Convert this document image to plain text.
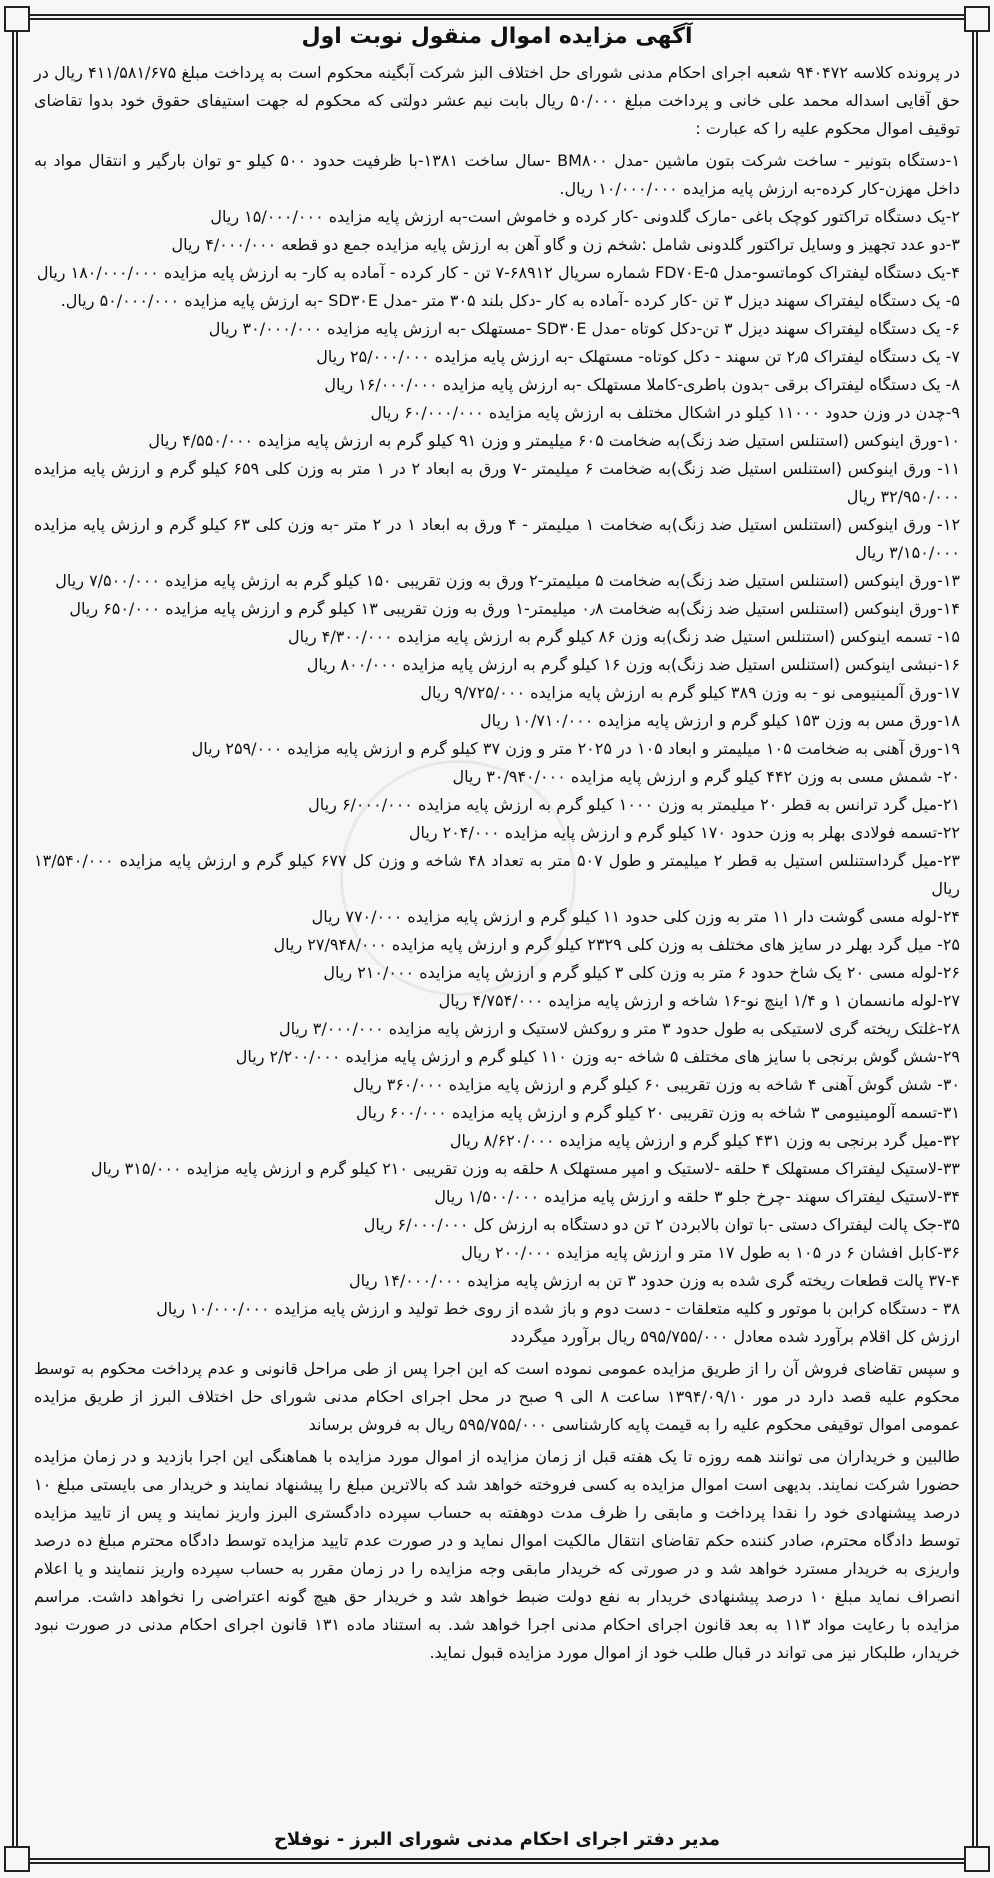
آگهی مزایده اموال منقول نوبت اول

در پرونده کلاسه ۹۴۰۴۷۲ شعبه اجرای احکام مدنی شورای حل اختلاف البز شرکت آبگینه محکوم است به پرداخت مبلغ ۴۱۱/۵۸۱/۶۷۵ ریال در حق آقایی اسداله محمد علی خانی و پرداخت مبلغ ۵۰/۰۰۰ ریال بابت نیم عشر دولتی که محکوم له جهت استیفای حقوق خود بدوا تقاضای توقیف اموال محکوم علیه را که عبارت :

۱-دستگاه بتونیر - ساخت شرکت بتون ماشین -مدل BM۸۰۰ -سال ساخت ۱۳۸۱-با ظرفیت حدود ۵۰۰ کیلو -و توان بارگیر و انتقال مواد به داخل مهزن-کار کرده-به ارزش پایه مزایده ۱۰/۰۰۰/۰۰۰ ریال.
۲-یک دستگاه تراکتور کوچک باغی -مارک گلدونی -کار کرده و خاموش است-به ارزش پایه مزایده ۱۵/۰۰۰/۰۰۰ ریال
۳-دو عدد تجهیز و وسایل تراکتور گلدونی شامل :شخم زن و گاو آهن به ارزش پایه مزایده جمع دو قطعه ۴/۰۰۰/۰۰۰ ریال
۴-یک دستگاه لیفتراک کوماتسو-مدل FD۷۰E-۵ شماره سریال ۶۸۹۱۲-۷ تن - کار کرده - آماده به کار- به ارزش پایه مزایده ۱۸۰/۰۰۰/۰۰۰ ریال
۵- یک دستگاه لیفتراک سهند دیزل ۳ تن -کار کرده -آماده به کار -دکل بلند ۳۰۵ متر -مدل SD۳۰E -به ارزش پایه مزایده ۵۰/۰۰۰/۰۰۰ ریال.
۶- یک دستگاه لیفتراک سهند دیزل ۳ تن-دکل کوتاه -مدل SD۳۰E -مستهلک -به ارزش پایه مزایده ۳۰/۰۰۰/۰۰۰ ریال
۷- یک دستگاه لیفتراک ۲٫۵ تن سهند - دکل کوتاه- مستهلک -به ارزش پایه مزایده ۲۵/۰۰۰/۰۰۰ ریال
۸- یک دستگاه لیفتراک برقی -بدون باطری-کاملا مستهلک -به ارزش پایه مزایده ۱۶/۰۰۰/۰۰۰ ریال
۹-چدن در وزن حدود ۱۱۰۰۰ کیلو در اشکال مختلف به ارزش پایه مزایده ۶۰/۰۰۰/۰۰۰ ریال
۱۰-ورق اینوکس (استنلس استیل ضد زنگ)به ضخامت ۶۰۵ میلیمتر و وزن ۹۱ کیلو گرم به ارزش پایه مزایده ۴/۵۵۰/۰۰۰ ریال
۱۱- ورق اینوکس (استنلس استیل ضد زنگ)به ضخامت ۶ میلیمتر -۷ ورق به ابعاد ۲ در ۱ متر به وزن کلی ۶۵۹ کیلو گرم و ارزش پایه مزایده ۳۲/۹۵۰/۰۰۰ ریال
۱۲- ورق اینوکس (استنلس استیل ضد زنگ)به ضخامت ۱ میلیمتر - ۴ ورق به ابعاد ۱ در ۲ متر -به وزن کلی ۶۳ کیلو گرم و ارزش پایه مزایده ۳/۱۵۰/۰۰۰ ریال
۱۳-ورق اینوکس (استنلس استیل ضد زنگ)به ضخامت ۵ میلیمتر-۲ ورق به وزن تقریبی ۱۵۰ کیلو گرم به ارزش پایه مزایده ۷/۵۰۰/۰۰۰ ریال
۱۴-ورق اینوکس (استنلس استیل ضد زنگ)به ضخامت ۰٫۸ میلیمتر-۱ ورق به وزن تقریبی ۱۳ کیلو گرم و ارزش پایه مزایده ۶۵۰/۰۰۰ ریال
۱۵- تسمه اینوکس (استنلس استیل ضد زنگ)به وزن ۸۶ کیلو گرم به ارزش پایه مزایده ۴/۳۰۰/۰۰۰ ریال
۱۶-نبشی اینوکس (استنلس استیل ضد زنگ)به وزن ۱۶ کیلو گرم به ارزش پایه مزایده ۸۰۰/۰۰۰ ریال
۱۷-ورق آلمینیومی نو - به وزن ۳۸۹ کیلو گرم به ارزش پایه مزایده ۹/۷۲۵/۰۰۰ ریال
۱۸-ورق مس به وزن ۱۵۳ کیلو گرم و ارزش پایه مزایده ۱۰/۷۱۰/۰۰۰ ریال
۱۹-ورق آهنی به ضخامت ۱۰۵ میلیمتر و ابعاد ۱۰۵ در ۲۰۲۵ متر و وزن ۳۷ کیلو گرم و ارزش پایه مزایده ۲۵۹/۰۰۰ ریال
۲۰- شمش مسی به وزن ۴۴۲ کیلو گرم و ارزش پایه مزایده ۳۰/۹۴۰/۰۰۰ ریال
۲۱-میل گرد ترانس به قطر ۲۰ میلیمتر به وزن ۱۰۰۰ کیلو گرم به ارزش پایه مزایده ۶/۰۰۰/۰۰۰ ریال
۲۲-تسمه فولادی بهلر به وزن حدود ۱۷۰ کیلو گرم و ارزش پایه مزایده ۲۰۴/۰۰۰ ریال
۲۳-میل گرداستنلس استیل به قطر ۲ میلیمتر و طول ۵۰۷ متر به تعداد ۴۸ شاخه و وزن کل ۶۷۷ کیلو گرم و ارزش پایه مزایده ۱۳/۵۴۰/۰۰۰ ریال
۲۴-لوله مسی گوشت دار ۱۱ متر به وزن کلی حدود ۱۱ کیلو گرم و ارزش پایه مزایده ۷۷۰/۰۰۰ ریال
۲۵- میل گرد بهلر در سایز های مختلف به وزن کلی ۲۳۲۹ کیلو گرم و ارزش پایه مزایده ۲۷/۹۴۸/۰۰۰ ریال
۲۶-لوله مسی ۲۰ یک شاخ حدود ۶ متر به وزن کلی ۳ کیلو گرم و ارزش پایه مزایده ۲۱۰/۰۰۰ ریال
۲۷-لوله مانسمان ۱ و ۱/۴ اینچ نو-۱۶ شاخه و ارزش پایه مزایده ۴/۷۵۴/۰۰۰ ریال
۲۸-غلتک ریخته گری لاستیکی به طول حدود ۳ متر و روکش لاستیک و ارزش پایه مزایده ۳/۰۰۰/۰۰۰ ریال
۲۹-شش گوش برنجی با سایز های مختلف ۵ شاخه -به وزن ۱۱۰ کیلو گرم و ارزش پایه مزایده ۲/۲۰۰/۰۰۰ ریال
۳۰- شش گوش آهنی ۴ شاخه به وزن تقریبی ۶۰ کیلو گرم و ارزش پایه مزایده ۳۶۰/۰۰۰ ریال
۳۱-تسمه آلومینیومی ۳ شاخه به وزن تقریبی ۲۰ کیلو گرم و ارزش پایه مزایده ۶۰۰/۰۰۰ ریال
۳۲-میل گرد برنجی به وزن ۴۳۱ کیلو گرم و ارزش پایه مزایده ۸/۶۲۰/۰۰۰ ریال
۳۳-لاستیک لیفتراک مستهلک ۴ حلقه -لاستیک و امپر مستهلک ۸ حلقه به وزن تقریبی ۲۱۰ کیلو گرم و ارزش پایه مزایده ۳۱۵/۰۰۰ ریال
۳۴-لاستیک لیفتراک سهند -چرخ جلو ۳ حلقه و ارزش پایه مزایده ۱/۵۰۰/۰۰۰ ریال
۳۵-جک پالت لیفتراک دستی -با توان بالابردن ۲ تن دو دستگاه به ارزش کل ۶/۰۰۰/۰۰۰ ریال
۳۶-کابل افشان ۶ در ۱۰۵ به طول ۱۷ متر و ارزش پایه مزایده ۲۰۰/۰۰۰ ریال
۳۷-۴ پالت قطعات ریخته گری شده به وزن حدود ۳ تن به ارزش پایه مزایده ۱۴/۰۰۰/۰۰۰ ریال
۳۸ - دستگاه کرابن با موتور و کلیه متعلقات - دست دوم و باز شده از روی خط تولید و ارزش پایه مزایده ۱۰/۰۰۰/۰۰۰ ریال

ارزش کل اقلام برآورد شده معادل ۵۹۵/۷۵۵/۰۰۰ ریال برآورد میگردد

و سپس تقاضای فروش آن را از طریق مزایده عمومی نموده است که این اجرا پس از طی مراحل قانونی و عدم پرداخت محکوم به توسط محکوم علیه قصد دارد در مور ۱۳۹۴/۰۹/۱۰ ساعت ۸ الی ۹ صبح در محل اجرای احکام مدنی شورای حل اختلاف البرز از طریق مزایده عمومی اموال توقیفی محکوم علیه را به قیمت پایه کارشناسی ۵۹۵/۷۵۵/۰۰۰ ریال به فروش برساند

طالبین و خریداران می توانند همه روزه تا یک هفته قبل از زمان مزایده از اموال مورد مزایده با هماهنگی این اجرا بازدید و در زمان مزایده حضورا شرکت نمایند. بدیهی است اموال مزایده به کسی فروخته خواهد شد که بالاترین مبلغ را پیشنهاد نمایند و خریدار می بایستی مبلغ ۱۰ درصد پیشنهادی خود را نقدا پرداخت و مابقی را ظرف مدت دوهفته به حساب سپرده دادگستری البرز واریز نمایند و پس از تایید مزایده توسط دادگاه محترم، صادر کننده حکم تقاضای انتقال مالکیت اموال نماید و در صورت عدم تایید مزایده توسط دادگاه محترم مبلغ ده درصد واریزی به خریدار مسترد خواهد شد و در صورتی که خریدار مابقی وجه مزایده را در زمان مقرر به حساب سپرده واریز ننمایند و یا اعلام انصراف نماید مبلغ ۱۰ درصد پیشنهادی خریدار به نفع دولت ضبط خواهد شد و خریدار حق هیچ گونه اعتراضی را نخواهد داشت. مراسم مزایده با رعایت مواد ۱۱۳ به بعد قانون اجرای احکام مدنی اجرا خواهد شد. به استناد ماده ۱۳۱ قانون اجرای احکام مدنی در صورت نبود خریدار، طلبکار نیز می تواند در قبال طلب خود از اموال مورد مزایده قبول نماید.

مدیر دفتر اجرای احکام مدنی شورای البرز - نوفلاح
